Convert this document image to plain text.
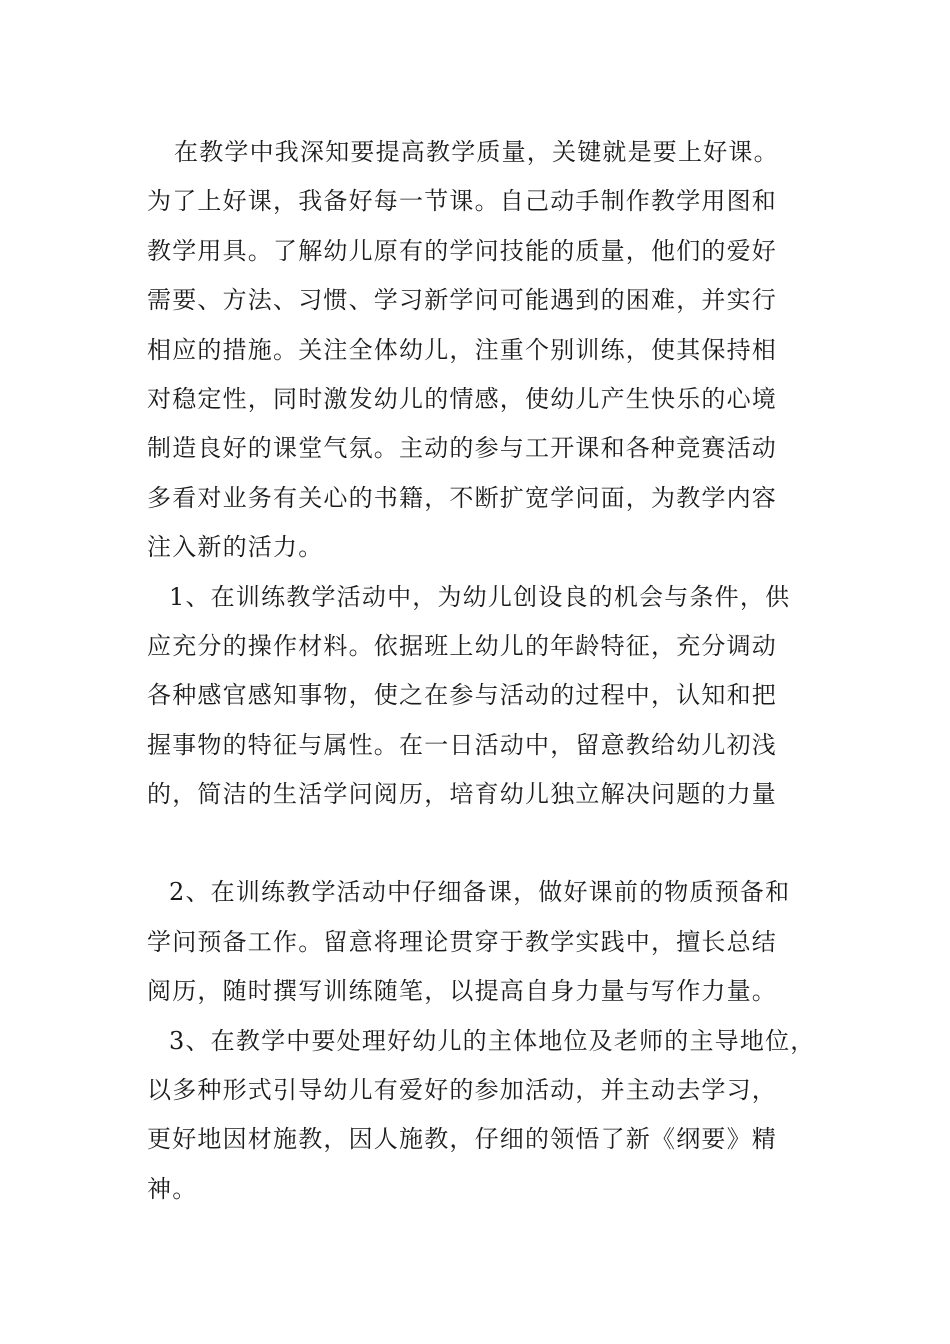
在教学中我深知要提高教学质量，关键就是要上好课。
为了上好课，我备好每一节课。自己动手制作教学用图和
教学用具。了解幼儿原有的学问技能的质量，他们的爱好
需要、方法、习惯、学习新学问可能遇到的困难，并实行
相应的措施。关注全体幼儿，注重个别训练，使其保持相
对稳定性，同时激发幼儿的情感，使幼儿产生快乐的心境
制造良好的课堂气氛。主动的参与工开课和各种竞赛活动
多看对业务有关心的书籍，不断扩宽学问面，为教学内容
注入新的活力。
1、在训练教学活动中，为幼儿创设良的机会与条件，供
应充分的操作材料。依据班上幼儿的年龄特征，充分调动
各种感官感知事物，使之在参与活动的过程中，认知和把
握事物的特征与属性。在一日活动中，留意教给幼儿初浅
的，简洁的生活学问阅历，培育幼儿独立解决问题的力量
2、在训练教学活动中仔细备课，做好课前的物质预备和
学问预备工作。留意将理论贯穿于教学实践中，擅长总结
阅历，随时撰写训练随笔，以提高自身力量与写作力量。
3、在教学中要处理好幼儿的主体地位及老师的主导地位，
以多种形式引导幼儿有爱好的参加活动，并主动去学习，
更好地因材施教，因人施教，仔细的领悟了新《纲要》精
神。
